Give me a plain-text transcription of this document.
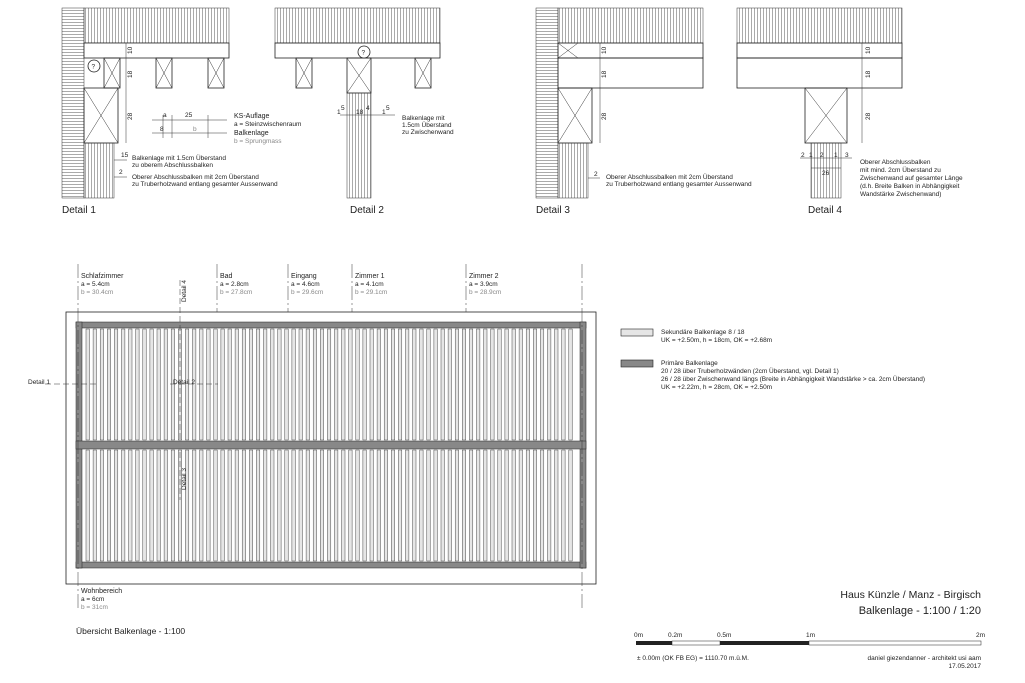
?
10
18
28	a	25
8	b
KS-Auflage
a = Steinzwischenraum
Balkenlage
b = Sprungmass
15
2
Balkenlage mit 1.5cm Überstand
zu oberem Abschlussbalken
Oberer Abschlussbalken mit 2cm Überstand
zu Truberholzwand entlang gesamter Aussenwand
Detail 1
?
1
5
18
4
1
5
Balkenlage mit
1.5cm Überstand
zu Zwischenwand
Detail 2
10
18
28
2 Oberer Abschlussbalken mit 2cm Überstand
zu Truberholzwand entlang gesamter Aussenwand
Detail 3
10
18
28
2 1 2 1 3
26
Oberer Abschlussbalken
mit mind. 2cm Überstand zu
Zwischenwand auf gesamter Länge
(d.h. Breite Balken in Abhängigkeit
Wandstärke Zwischenwand)
Detail 4
Schlafzimmer
a = 5.4cm
b = 30.4cm
Bad
a = 2.8cm
b = 27.8cm
Eingang
a = 4.6cm
b = 29.6cm
Zimmer 1
a = 4.1cm
b = 29.1cm
Zimmer 2
a = 3.9cm
b = 28.9cm
Wohnbereich
a = 6cm
b = 31cm
Detail 4
Detail 3
Detail 1	Detail 2
Übersicht Balkenlage - 1:100
Sekundäre Balkenlage 8 / 18
UK = +2.50m, h = 18cm, OK = +2.68m
Primäre Balkenlage
20 / 28 über Truberholzwänden (2cm Überstand, vgl. Detail 1)
26 / 28 über Zwischenwand längs (Breite in Abhängigkeit Wandstärke > ca. 2cm Überstand)
UK = +2.22m, h = 28cm, OK = +2.50m
Haus Künzle / Manz - Birgisch
Balkenlage - 1:100 / 1:20
0m	0.2m	0.5m	1m	2m
± 0.00m (OK FB EG) = 1110.70 m.ü.M.	daniel giezendanner - architekt usi aam
17.05.2017
